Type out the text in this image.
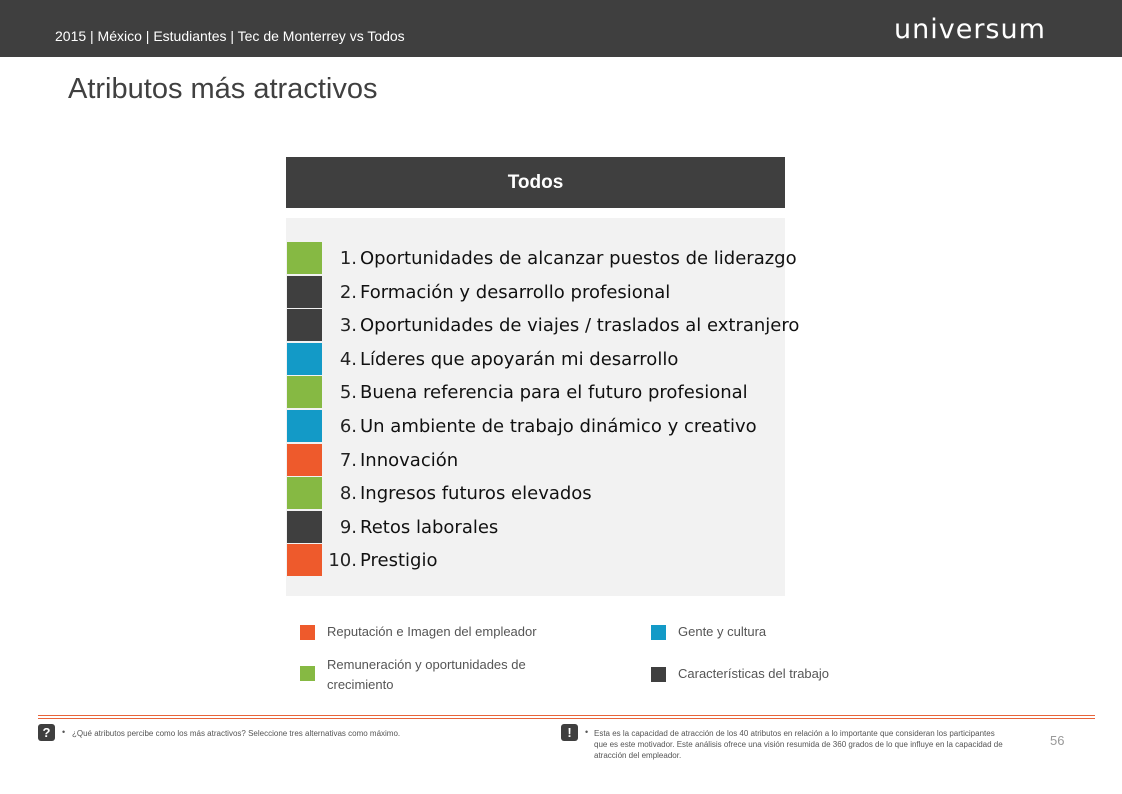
2015 | México | Estudiantes | Tec de Monterrey vs Todos	universum
Atributos más atractivos
Todos
1. Oportunidades de alcanzar puestos de liderazgo
2. Formación y desarrollo profesional
3. Oportunidades de viajes / traslados al extranjero
4. Líderes que apoyarán mi desarrollo
5. Buena referencia para el futuro profesional
6. Un ambiente de trabajo dinámico y creativo
7. Innovación
8. Ingresos futuros elevados
9. Retos laborales
10. Prestigio
Reputación e Imagen del empleador	Gente y cultura
Remuneración y oportunidades de crecimiento
Características del trabajo
?	• ¿Qué atributos percibe como los más atractivos? Seleccione tres alternativas como máximo.	!	• Esta es la capacidad de atracción de los 40 atributos en relación a lo importante que consideran los participantes que es este motivador. Este análisis ofrece una visión resumida de 360 grados de lo que influye en la capacidad de atracción del empleador.
56
